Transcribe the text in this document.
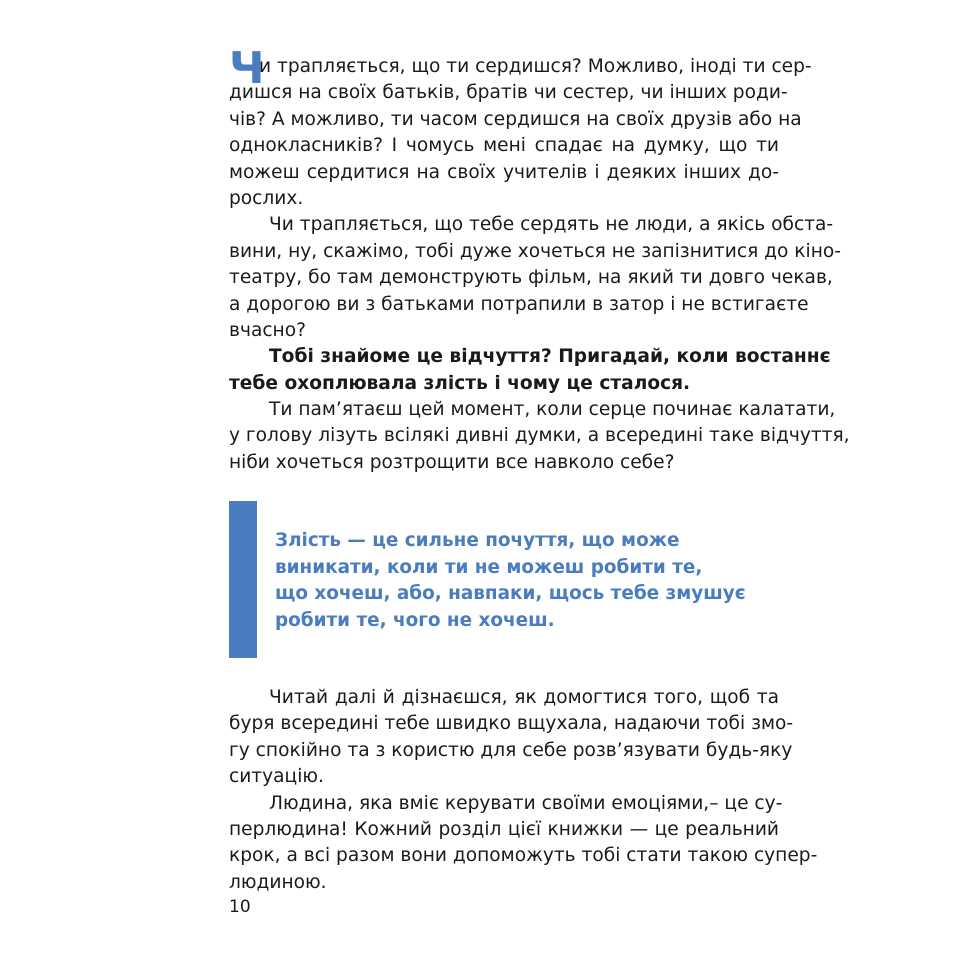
Ч
и трапляється, що ти сердишся? Можливо, іноді ти сер-
дишся на своїх батьків, братів чи сестер, чи інших роди-
чів? А можливо, ти часом сердишся на своїх друзів або на
однокласників? І чомусь мені спадає на думку, що ти
можеш сердитися на своїх учителів і деяких інших до-
рослих.
Чи трапляється, що тебе сердять не люди, а якісь обста-
вини, ну, скажімо, тобі дуже хочеться не запізнитися до кіно-
театру, бо там демонструють фільм, на який ти довго чекав,
а дорогою ви з батьками потрапили в затор і не встигаєте
вчасно?
Тобі знайоме це відчуття? Пригадай, коли востаннє
тебе охоплювала злість і чому це сталося.
Ти пам’ятаєш цей момент, коли серце починає калатати,
у голову лізуть всілякі дивні думки, а всередині таке відчуття,
ніби хочеться розтрощити все навколо себе?
Злість — це сильне почуття, що може
виникати, коли ти не можеш робити те,
що хочеш, або, навпаки, щось тебе змушує
робити те, чого не хочеш.
Читай далі й дізнаєшся, як домогтися того, щоб та
буря всередині тебе швидко вщухала, надаючи тобі змо-
гу спокійно та з користю для себе розв’язувати будь-яку
ситуацію.
Людина, яка вміє керувати своїми емоціями,– це су-
перлюдина! Кожний розділ цієї книжки — це реальний
крок, а всі разом вони допоможуть тобі стати такою супер-
людиною.
10
